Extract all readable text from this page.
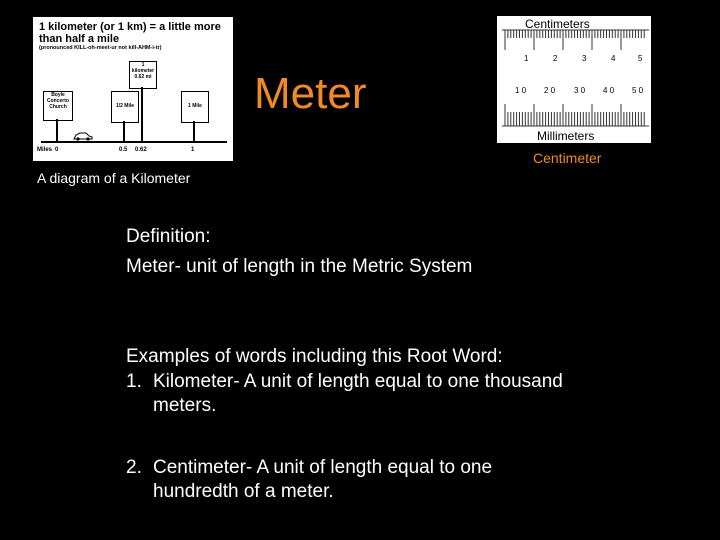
Meter
1 kilometer (or 1 km) = a little more than half a mile
(pronounced KILL-oh-meet-ur not kill-AHM-i-tr)
Boyle Concerto Church
1 kilometer 0.62 mi
1/2 Mile	1 Mile
Miles 0	0.5 0.62	1
Centimeters
1	2	3	4	5
1 0 2 0 3 0 4 0 5 0
Millimeters
A diagram of a Kilometer
Centimeter
Definition:
Meter- unit of length in the Metric System
Examples of words including this Root Word:
1. Kilometer- A unit of length equal to one thousand meters.
2. Centimeter- A unit of length equal to one hundredth of a meter.
